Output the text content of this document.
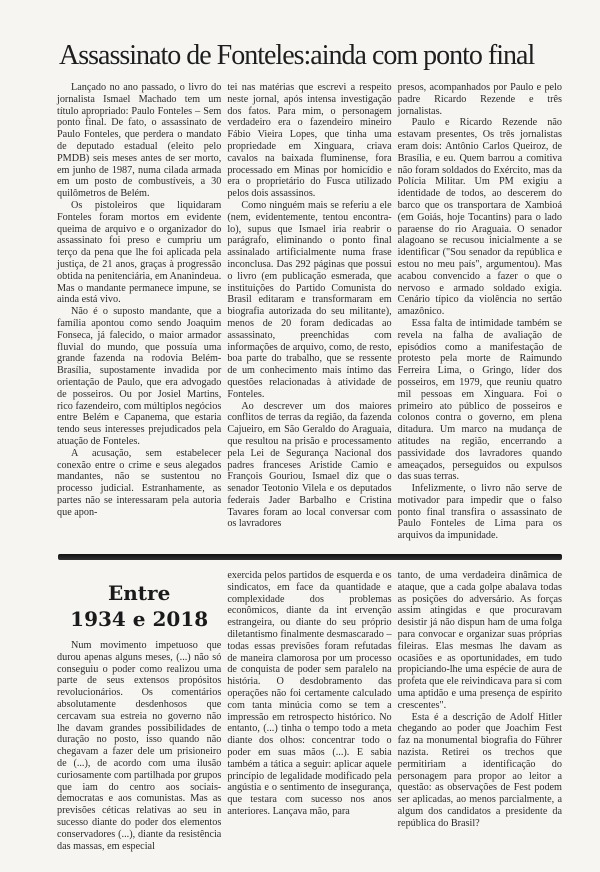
Assassinato de Fonteles:ainda com ponto final

Lançado no ano passado, o livro do jornalista Ismael Machado tem um título apropriado: Paulo Fonteles – Sem ponto final. De fato, o assassinato de Paulo Fonteles, que perdera o mandato de deputado estadual (eleito pelo PMDB) seis meses antes de ser morto, em junho de 1987, numa cilada armada em um posto de combustíveis, a 30 quilômetros de Belém.

Os pistoleiros que liquidaram Fonteles foram mortos em evidente queima de arquivo e o organizador do assassinato foi preso e cumpriu um terço da pena que lhe foi aplicada pela justiça, de 21 anos, graças à progressão obtida na penitenciária, em Ananindeua. Mas o mandante permanece impune, se ainda está vivo.

Não é o suposto mandante, que a família apontou como sendo Joaquim Fonseca, já falecido, o maior armador fluvial do mundo, que possuía uma grande fazenda na rodovia Belém-Brasília, supostamente invadida por orientação de Paulo, que era advogado de posseiros. Ou por Josiel Martins, rico fazendeiro, com múltiplos negócios entre Belém e Capanema, que estaria tendo seus interesses prejudicados pela atuação de Fonteles.

A acusação, sem estabelecer conexão entre o crime e seus alegados mandantes, não se sustentou no processo judicial. Estranhamente, as partes não se interessaram pela autoria que apon-

tei nas matérias que escrevi a respeito neste jornal, após intensa investigação dos fatos. Para mim, o personagem verdadeiro era o fazendeiro mineiro Fábio Vieira Lopes, que tinha uma propriedade em Xinguara, criava cavalos na baixada fluminense, fora processado em Minas por homicídio e era o proprietário do Fusca utilizado pelos dois assassinos.

Como ninguém mais se referiu a ele (nem, evidentemente, tentou encontra-lo), supus que Ismael iria reabrir o parágrafo, eliminando o ponto final assinalado artificialmente numa frase inconclusa. Das 292 páginas que possui o livro (em publicação esmerada, que instituições do Partido Comunista do Brasil editaram e transformaram em biografia autorizada do seu militante), menos de 20 foram dedicadas ao assassinato, preenchidas com informações de arquivo, como, de resto, boa parte do trabalho, que se ressente de um conhecimento mais íntimo das questões relacionadas à atividade de Fonteles.

Ao descrever um dos maiores conflitos de terras da região, da fazenda Cajueiro, em São Geraldo do Araguaia, que resultou na prisão e processamento pela Lei de Segurança Nacional dos padres franceses Aristide Camio e François Gouriou, Ismael diz que o senador Teotonio Vilela e os deputados federais Jader Barbalho e Cristina Tavares foram ao local conversar com os lavradores

presos, acompanhados por Paulo e pelo padre Ricardo Rezende e três jornalistas.

Paulo e Ricardo Rezende não estavam presentes, Os três jornalistas eram dois: Antônio Carlos Queiroz, de Brasília, e eu. Quem barrou a comitiva não foram soldados do Exército, mas da Polícia Militar. Um PM exigiu a identidade de todos, ao descerem do barco que os transportara de Xambioá (em Goiás, hoje Tocantins) para o lado paraense do rio Araguaia. O senador alagoano se recusou inicialmente a se identificar ("Sou senador da república e estou no meu país", argumentou). Mas acabou convencido a fazer o que o nervoso e armado soldado exigia. Cenário típico da violência no sertão amazônico.

Essa falta de intimidade também se revela na falha de avaliação de episódios como a manifestação de protesto pela morte de Raimundo Ferreira Lima, o Gringo, líder dos posseiros, em 1979, que reuniu quatro mil pessoas em Xinguara. Foi o primeiro ato público de posseiros e colonos contra o governo, em plena ditadura. Um marco na mudança de atitudes na região, encerrando a passividade dos lavradores quando ameaçados, perseguidos ou expulsos das suas terras.

Infelizmente, o livro não serve de motivador para impedir que o falso ponto final transfira o assassinato de Paulo Fonteles de Lima para os arquivos da impunidade.

Entre
1934 e 2018

Num movimento impetuoso que durou apenas alguns meses, (...) não só conseguiu o poder como realizou uma parte de seus extensos propósitos revolucionários. Os comentários absolutamente desdenhosos que cercavam sua estreia no governo não lhe davam grandes possibilidades de duração no posto, isso quando não chegavam a fazer dele um prisioneiro de (...), de acordo com uma ilusão curiosamente com partilhada por grupos que iam do centro aos sociais-democratas e aos comunistas. Mas as previsões céticas relativas ao seu in sucesso diante do poder dos elementos conservadores (...), diante da resistência das massas, em especial

exercida pelos partidos de esquerda e os sindicatos, em face da quantidade e complexidade dos problemas econômicos, diante da int ervenção estrangeira, ou diante do seu próprio diletantismo finalmente desmascarado – todas essas previsões foram refutadas de maneira clamorosa por um processo de conquista de poder sem paralelo na história. O desdobramento das operações não foi certamente calculado com tanta minúcia como se tem a impressão em retrospecto histórico. No entanto, (...) tinha o tempo todo a meta diante dos olhos: concentrar todo o poder em suas mãos (...). E sabia também a tática a seguir: aplicar aquele princípio de legalidade modificado pela angústia e o sentimento de insegurança, que testara com sucesso nos anos anteriores. Lançava mão, para

tanto, de uma verdadeira dinâmica de ataque, que a cada golpe abalava todas as posições do adversário. As forças assim atingidas e que procuravam desistir já não dispun ham de uma folga para convocar e organizar suas próprias fileiras. Elas mesmas lhe davam as ocasiões e as oportunidades, em tudo propiciando-lhe uma espécie de aura de profeta que ele reivindicava para si com uma aptidão e uma presença de espírito crescentes".

Esta é a descrição de Adolf Hitler chegando ao poder que Joachim Fest faz na monumental biografia do Führer nazista. Retirei os trechos que permitiriam a identificação do personagem para propor ao leitor a questão: as observações de Fest podem ser aplicadas, ao menos parcialmente, a algum dos candidatos a presidente da república do Brasil?
